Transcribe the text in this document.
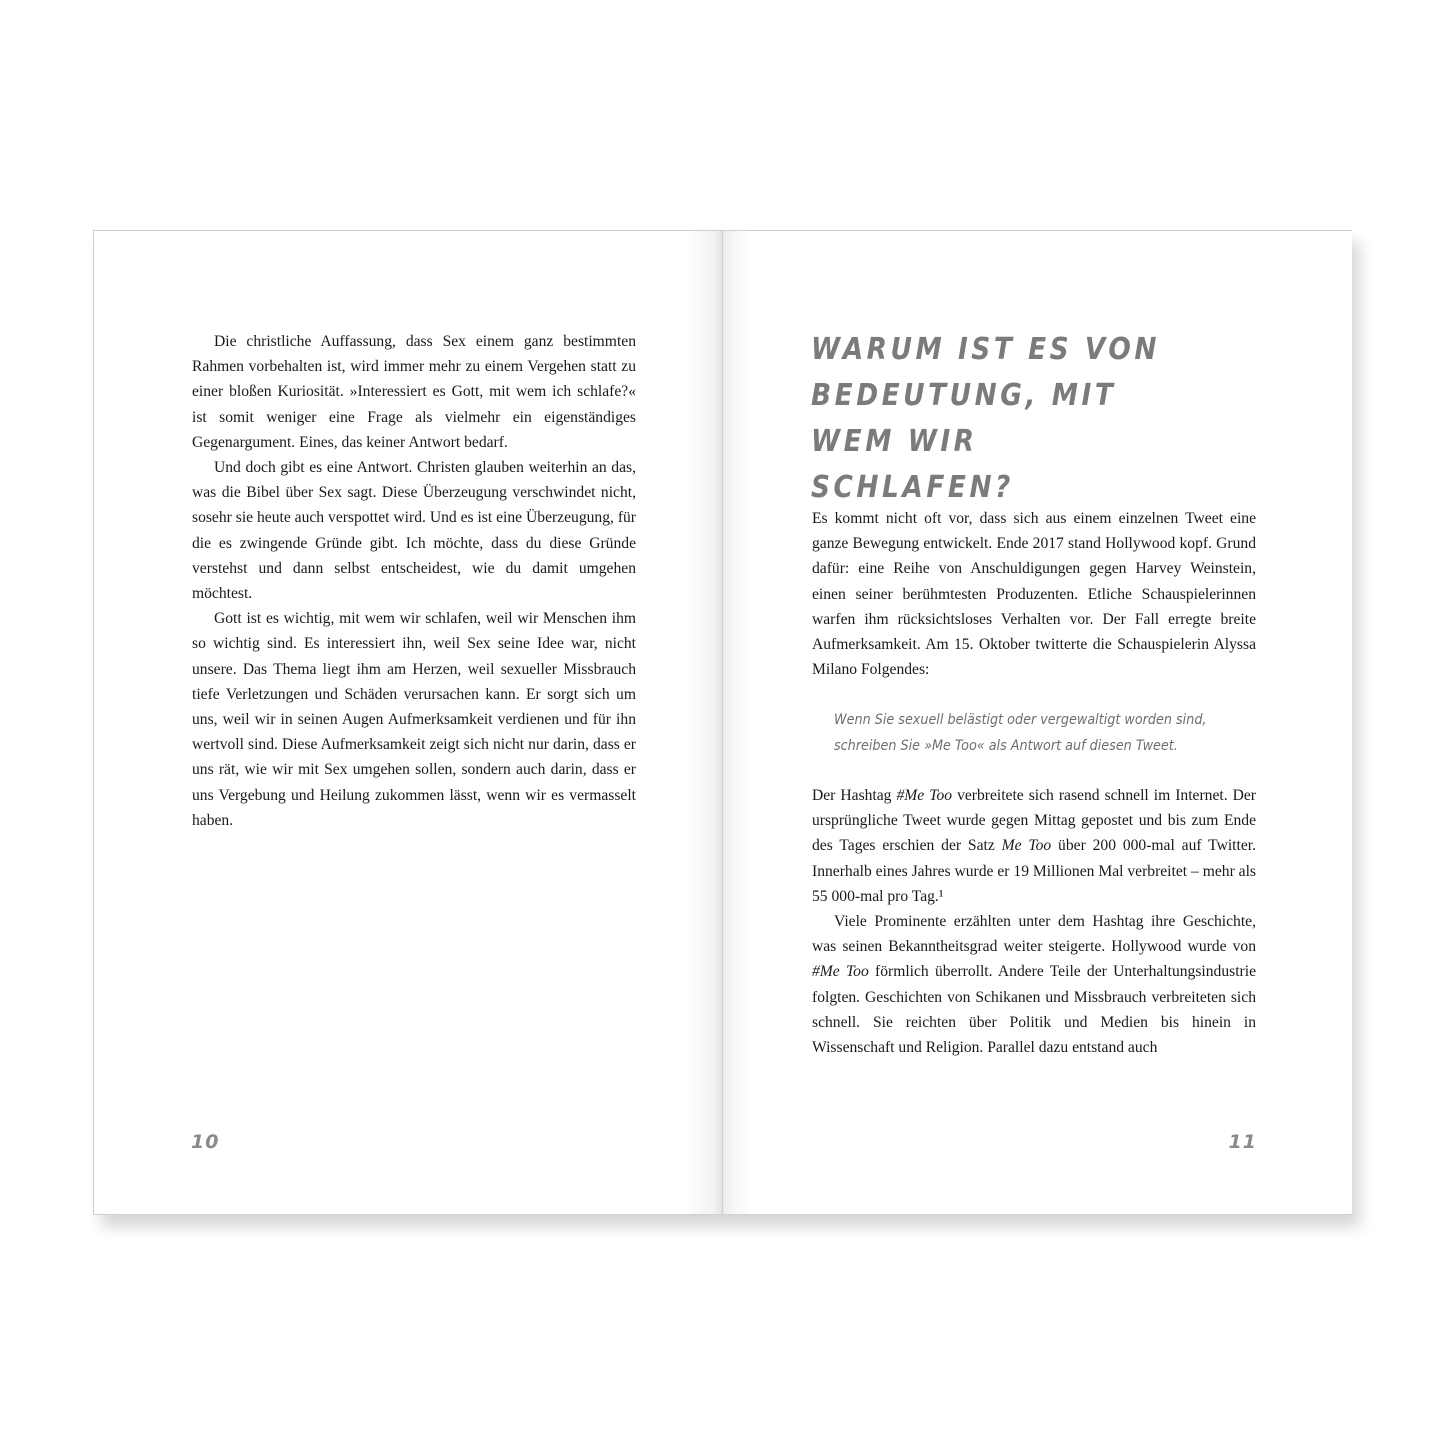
Die christliche Auffassung, dass Sex einem ganz bestimmten Rahmen vorbehalten ist, wird immer mehr zu einem Vergehen statt zu einer bloßen Kuriosität. »Interessiert es Gott, mit wem ich schlafe?« ist somit weniger eine Frage als vielmehr ein eigenständiges Gegenargument. Eines, das keiner Antwort bedarf.

Und doch gibt es eine Antwort. Christen glauben weiterhin an das, was die Bibel über Sex sagt. Diese Überzeugung verschwindet nicht, sosehr sie heute auch verspottet wird. Und es ist eine Überzeugung, für die es zwingende Gründe gibt. Ich möchte, dass du diese Gründe verstehst und dann selbst entscheidest, wie du damit umgehen möchtest.

Gott ist es wichtig, mit wem wir schlafen, weil wir Menschen ihm so wichtig sind. Es interessiert ihn, weil Sex seine Idee war, nicht unsere. Das Thema liegt ihm am Herzen, weil sexueller Missbrauch tiefe Verletzungen und Schäden verursachen kann. Er sorgt sich um uns, weil wir in seinen Augen Aufmerksamkeit verdienen und für ihn wertvoll sind. Diese Aufmerksamkeit zeigt sich nicht nur darin, dass er uns rät, wie wir mit Sex umgehen sollen, sondern auch darin, dass er uns Vergebung und Heilung zukommen lässt, wenn wir es vermasselt haben.

10
WARUM IST ES VON
BEDEUTUNG, MIT WEM WIR
SCHLAFEN?

Es kommt nicht oft vor, dass sich aus einem einzelnen Tweet eine ganze Bewegung entwickelt. Ende 2017 stand Hollywood kopf. Grund dafür: eine Reihe von Anschuldigungen gegen Harvey Weinstein, einen seiner berühmtesten Produzenten. Etliche Schauspielerinnen warfen ihm rücksichtsloses Verhalten vor. Der Fall erregte breite Aufmerksamkeit. Am 15. Oktober twitterte die Schauspielerin Alyssa Milano Folgendes:

Wenn Sie sexuell belästigt oder vergewaltigt worden sind, schreiben Sie »Me Too« als Antwort auf diesen Tweet.

Der Hashtag #Me Too verbreitete sich rasend schnell im Internet. Der ursprüngliche Tweet wurde gegen Mittag gepostet und bis zum Ende des Tages erschien der Satz Me Too über 200 000-mal auf Twitter. Innerhalb eines Jahres wurde er 19 Millionen Mal verbreitet – mehr als 55 000-mal pro Tag.¹

Viele Prominente erzählten unter dem Hashtag ihre Geschichte, was seinen Bekanntheitsgrad weiter steigerte. Hollywood wurde von #Me Too förmlich überrollt. Andere Teile der Unterhaltungsindustrie folgten. Geschichten von Schikanen und Missbrauch verbreiteten sich schnell. Sie reichten über Politik und Medien bis hinein in Wissenschaft und Religion. Parallel dazu entstand auch

11
